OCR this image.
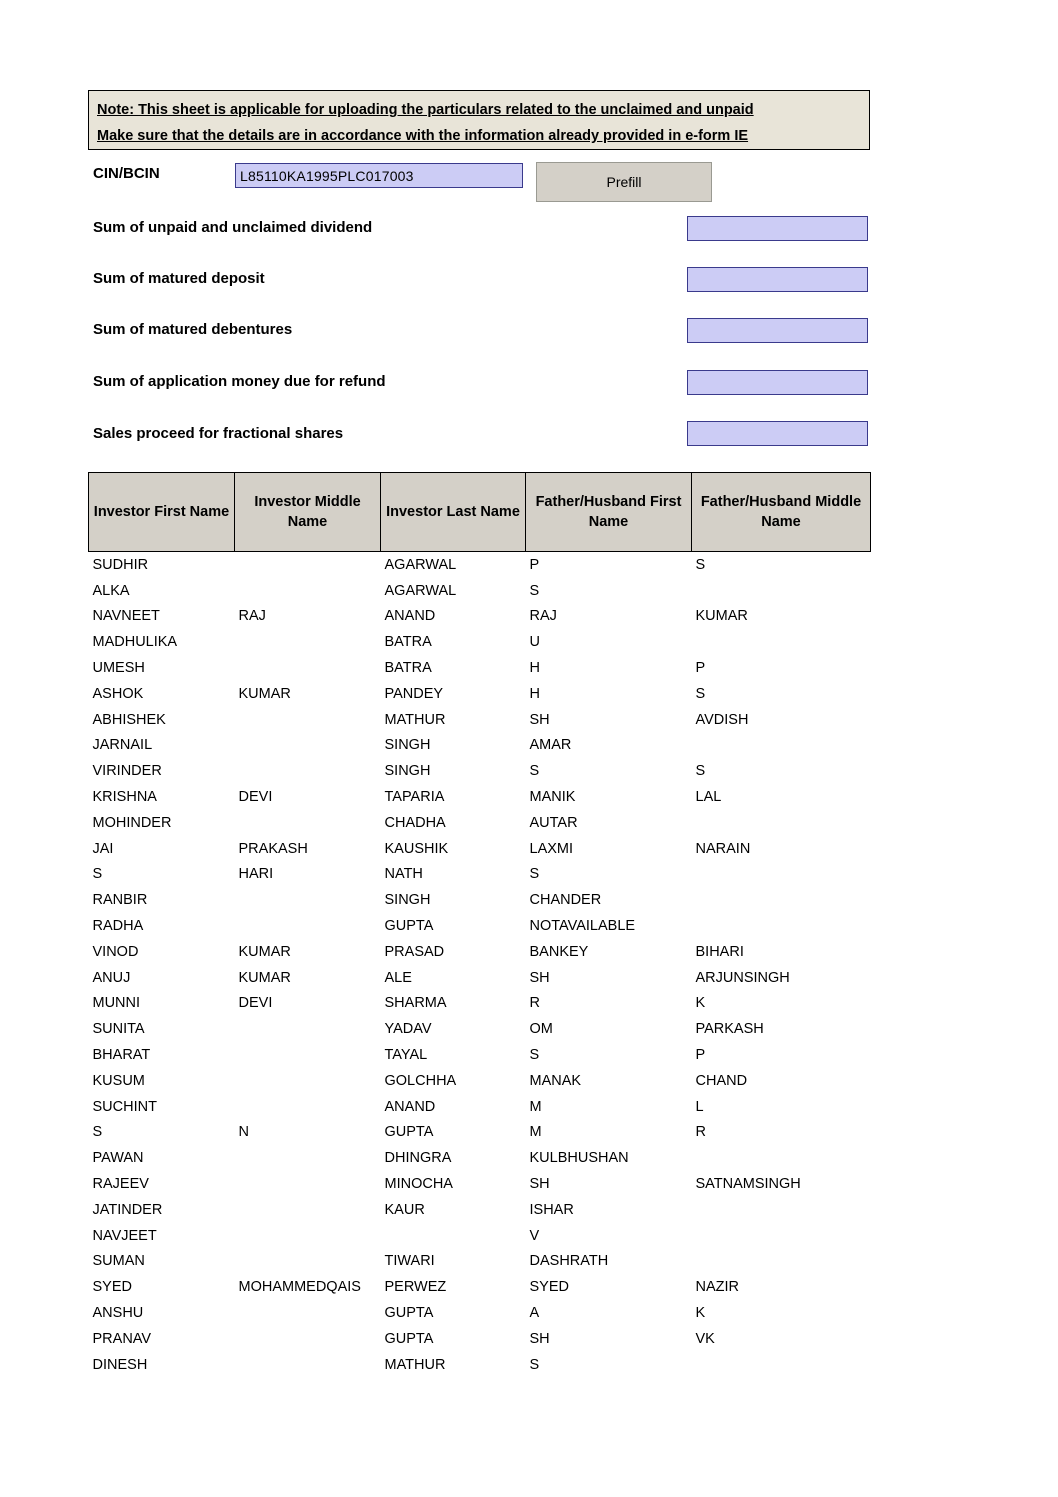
Note: This sheet is applicable for uploading the particulars related to the unclaimed and unpaid
Make sure that the details are in accordance with the information already provided in e-form IE
CIN/BCIN
L85110KA1995PLC017003	Prefill
Sum of unpaid and unclaimed dividend
Sum of matured deposit
Sum of matured debentures
Sum of application money due for refund
Sales proceed for fractional shares
Investor First Name	Investor Middle Name	Investor Last Name	Father/Husband First Name	Father/Husband Middle Name
SUDHIR		AGARWAL	P	S
ALKA		AGARWAL	S	
NAVNEET	RAJ	ANAND	RAJ	KUMAR
MADHULIKA		BATRA	U	
UMESH		BATRA	H	P
ASHOK	KUMAR	PANDEY	H	S
ABHISHEK		MATHUR	SH	AVDISH
JARNAIL		SINGH	AMAR	
VIRINDER		SINGH	S	S
KRISHNA	DEVI	TAPARIA	MANIK	LAL
MOHINDER		CHADHA	AUTAR	
JAI	PRAKASH	KAUSHIK	LAXMI	NARAIN
S	HARI	NATH	S	
RANBIR		SINGH	CHANDER	
RADHA		GUPTA	NOTAVAILABLE	
VINOD	KUMAR	PRASAD	BANKEY	BIHARI
ANUJ	KUMAR	ALE	SH	ARJUNSINGH
MUNNI	DEVI	SHARMA	R	K
SUNITA		YADAV	OM	PARKASH
BHARAT		TAYAL	S	P
KUSUM		GOLCHHA	MANAK	CHAND
SUCHINT		ANAND	M	L
S	N	GUPTA	M	R
PAWAN		DHINGRA	KULBHUSHAN	
RAJEEV		MINOCHA	SH	SATNAMSINGH
JATINDER		KAUR	ISHAR	
NAVJEET			V	
SUMAN		TIWARI	DASHRATH	
SYED	MOHAMMEDQAIS	PERWEZ	SYED	NAZIR
ANSHU		GUPTA	A	K
PRANAV		GUPTA	SH	VK
DINESH		MATHUR	S	
